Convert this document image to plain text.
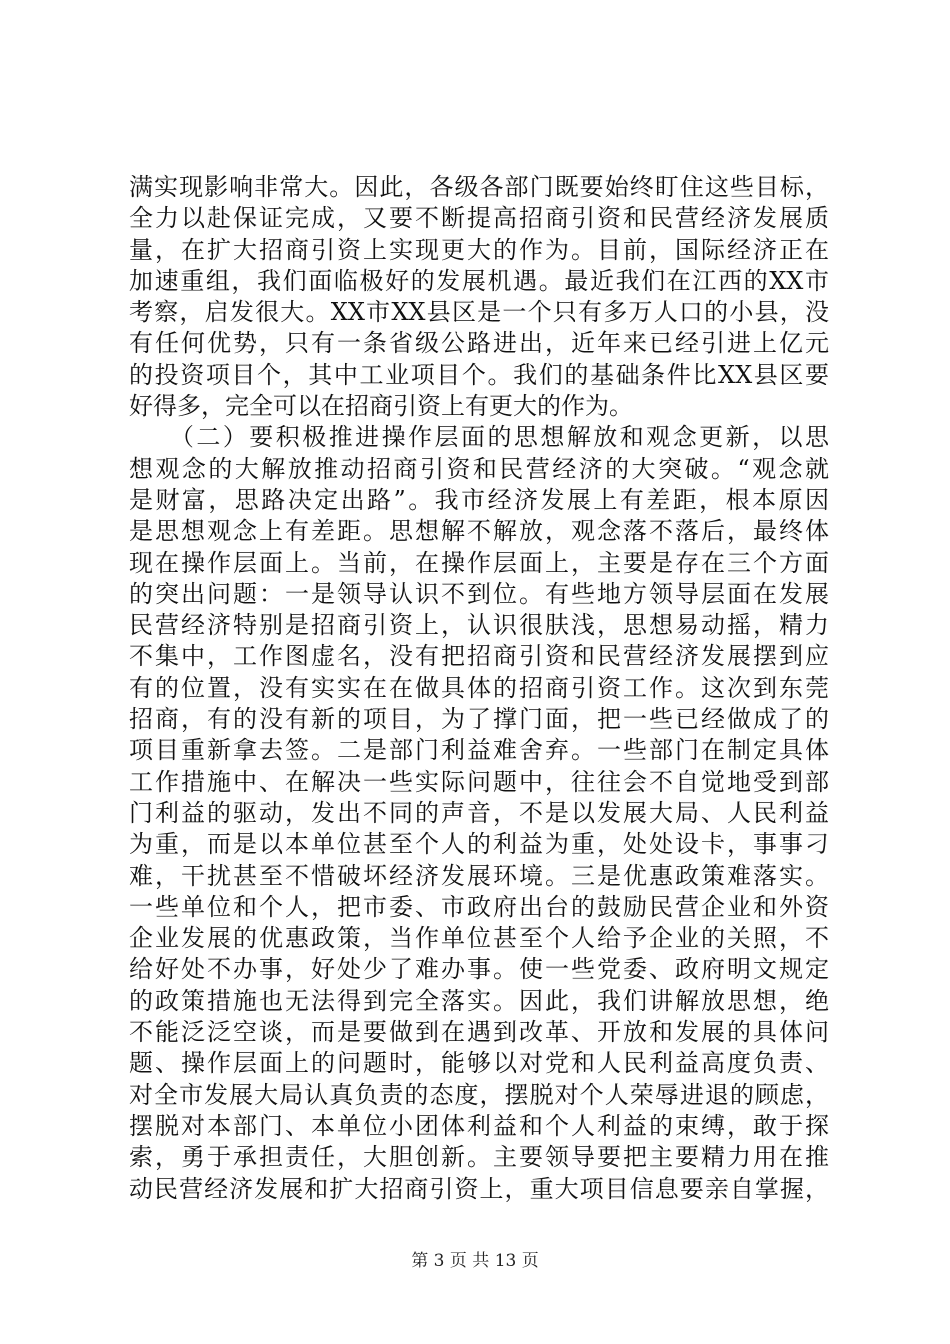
满实现影响非常大。因此，各级各部门既要始终盯住这些目标，
全力以赴保证完成，又要不断提高招商引资和民营经济发展质
量，在扩大招商引资上实现更大的作为。目前，国际经济正在
加速重组，我们面临极好的发展机遇。最近我们在江西的XX市
考察，启发很大。XX市XX县区是一个只有多万人口的小县，没
有任何优势，只有一条省级公路进出，近年来已经引进上亿元
的投资项目个，其中工业项目个。我们的基础条件比XX县区要
好得多，完全可以在招商引资上有更大的作为。
　　（二）要积极推进操作层面的思想解放和观念更新，以思
想观念的大解放推动招商引资和民营经济的大突破。“观念就
是财富，思路决定出路”。我市经济发展上有差距，根本原因
是思想观念上有差距。思想解不解放，观念落不落后，最终体
现在操作层面上。当前，在操作层面上，主要是存在三个方面
的突出问题：一是领导认识不到位。有些地方领导层面在发展
民营经济特别是招商引资上，认识很肤浅，思想易动摇，精力
不集中，工作图虚名，没有把招商引资和民营经济发展摆到应
有的位置，没有实实在在做具体的招商引资工作。这次到东莞
招商，有的没有新的项目，为了撑门面，把一些已经做成了的
项目重新拿去签。二是部门利益难舍弃。一些部门在制定具体
工作措施中、在解决一些实际问题中，往往会不自觉地受到部
门利益的驱动，发出不同的声音，不是以发展大局、人民利益
为重，而是以本单位甚至个人的利益为重，处处设卡，事事刁
难，干扰甚至不惜破坏经济发展环境。三是优惠政策难落实。
一些单位和个人，把市委、市政府出台的鼓励民营企业和外资
企业发展的优惠政策，当作单位甚至个人给予企业的关照，不
给好处不办事，好处少了难办事。使一些党委、政府明文规定
的政策措施也无法得到完全落实。因此，我们讲解放思想，绝
不能泛泛空谈，而是要做到在遇到改革、开放和发展的具体问
题、操作层面上的问题时，能够以对党和人民利益高度负责、
对全市发展大局认真负责的态度，摆脱对个人荣辱进退的顾虑，
摆脱对本部门、本单位小团体利益和个人利益的束缚，敢于探
索，勇于承担责任，大胆创新。主要领导要把主要精力用在推
动民营经济发展和扩大招商引资上，重大项目信息要亲自掌握，
第 3 页 共 13 页
